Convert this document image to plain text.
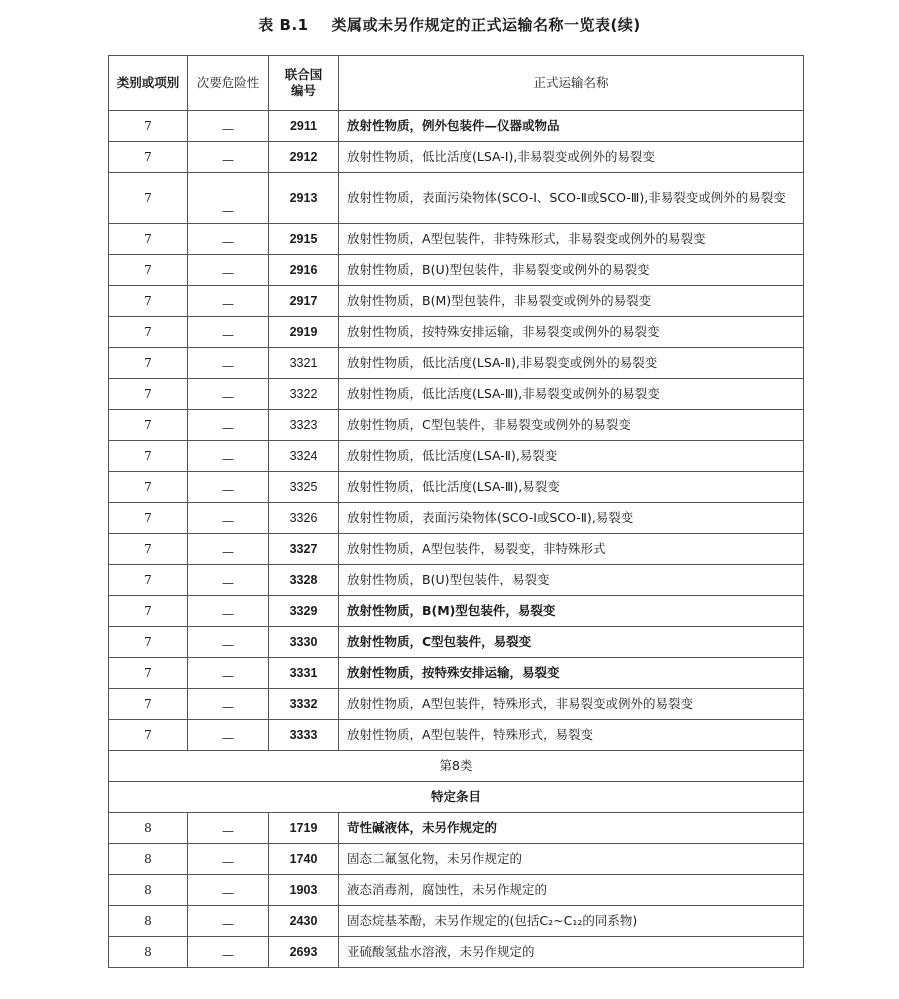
表 B.1    类属或未另作规定的正式运输名称一览表(续)
类别或项别	次要危险性	联合国编号	正式运输名称
7	—	2911	放射性物质，例外包装件—仪器或物品
7	—	2912	放射性物质，低比活度(LSA-I),非易裂变或例外的易裂变
7	—	2913	放射性物质，表面污染物体(SCO-I、SCO-Ⅱ或SCO-Ⅲ),非易裂变或例外的易裂变
7	—	2915	放射性物质，A型包装件，非特殊形式，非易裂变或例外的易裂变
7	—	2916	放射性物质，B(U)型包装件，非易裂变或例外的易裂变
7	—	2917	放射性物质，B(M)型包装件，非易裂变或例外的易裂变
7	—	2919	放射性物质，按特殊安排运输，非易裂变或例外的易裂变
7	—	3321	放射性物质，低比活度(LSA-Ⅱ),非易裂变或例外的易裂变
7	—	3322	放射性物质，低比活度(LSA-Ⅲ),非易裂变或例外的易裂变
7	—	3323	放射性物质，C型包装件，非易裂变或例外的易裂变
7	—	3324	放射性物质，低比活度(LSA-Ⅱ),易裂变
7	—	3325	放射性物质，低比活度(LSA-Ⅲ),易裂变
7	—	3326	放射性物质，表面污染物体(SCO-I或SCO-Ⅱ),易裂变
7	—	3327	放射性物质，A型包装件，易裂变，非特殊形式
7	—	3328	放射性物质，B(U)型包装件，易裂变
7	—	3329	放射性物质，B(M)型包装件，易裂变
7	—	3330	放射性物质，C型包装件，易裂变
7	—	3331	放射性物质，按特殊安排运输，易裂变
7	—	3332	放射性物质，A型包装件，特殊形式，非易裂变或例外的易裂变
7	—	3333	放射性物质，A型包装件，特殊形式，易裂变
第8类			
特定条目			
8	—	1719	苛性碱液体，未另作规定的
8	—	1740	固态二氟氢化物，未另作规定的
8	—	1903	液态消毒剂，腐蚀性，未另作规定的
8	—	2430	固态烷基苯酚，未另作规定的(包括C₂~C₁₂的同系物)
8	—	2693	亚硫酸氢盐水溶液，未另作规定的
